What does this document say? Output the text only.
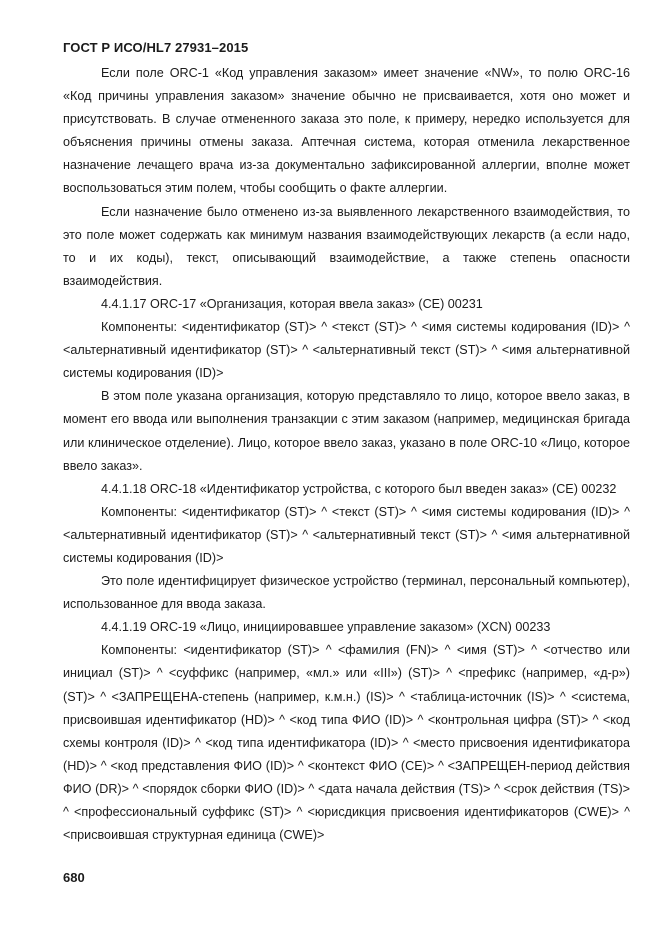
ГОСТ Р ИСО/HL7 27931–2015

Если поле ORC-1 «Код управления заказом» имеет значение «NW», то полю ORC-16 «Код причины управления заказом» значение обычно не присваивается, хотя оно может и присутствовать. В случае отмененного заказа это поле, к примеру, нередко используется для объяснения причины отмены заказа. Аптечная система, которая отменила лекарственное назначение лечащего врача из-за документально зафиксированной аллергии, вполне может воспользоваться этим полем, чтобы сообщить о факте аллергии.

Если назначение было отменено из-за выявленного лекарственного взаимодействия, то это поле может содержать как минимум названия взаимодействующих лекарств (а если надо, то и их коды), текст, описывающий взаимодействие, а также степень опасности взаимодействия.

4.4.1.17 ORC-17 «Организация, которая ввела заказ» (CE) 00231

Компоненты: <идентификатор (ST)> ^ <текст (ST)> ^ <имя системы кодирования (ID)> ^ <альтернативный идентификатор (ST)> ^ <альтернативный текст (ST)> ^ <имя альтернативной системы кодирования (ID)>

В этом поле указана организация, которую представляло то лицо, которое ввело заказ, в момент его ввода или выполнения транзакции с этим заказом (например, медицинская бригада или клиническое отделение). Лицо, которое ввело заказ, указано в поле ORC-10 «Лицо, которое ввело заказ».

4.4.1.18 ORC-18 «Идентификатор устройства, с которого был введен заказ» (CE) 00232

Компоненты: <идентификатор (ST)> ^ <текст (ST)> ^ <имя системы кодирования (ID)> ^ <альтернативный идентификатор (ST)> ^ <альтернативный текст (ST)> ^ <имя альтернативной системы кодирования (ID)>

Это поле идентифицирует физическое устройство (терминал, персональный компьютер), использованное для ввода заказа.

4.4.1.19 ORC-19 «Лицо, инициировавшее управление заказом» (XCN) 00233

Компоненты: <идентификатор (ST)> ^ <фамилия (FN)> ^ <имя (ST)> ^ <отчество или инициал (ST)> ^ <суффикс (например, «мл.» или «III») (ST)> ^ <префикс (например, «д-р») (ST)> ^ <ЗАПРЕЩЕНА-степень (например, к.м.н.) (IS)> ^ <таблица-источник (IS)> ^ <система, присвоившая идентификатор (HD)> ^ <код типа ФИО (ID)> ^ <контрольная цифра (ST)> ^ <код схемы контроля (ID)> ^ <код типа идентификатора (ID)> ^ <место присвоения идентификатора (HD)> ^ <код представления ФИО (ID)> ^ <контекст ФИО (CE)> ^ <ЗАПРЕЩЕН-период действия ФИО (DR)> ^ <порядок сборки ФИО (ID)> ^ <дата начала действия (TS)> ^ <срок действия (TS)> ^ <профессиональный суффикс (ST)> ^ <юрисдикция присвоения идентификаторов (CWE)> ^ <присвоившая структурная единица (CWE)>

680
